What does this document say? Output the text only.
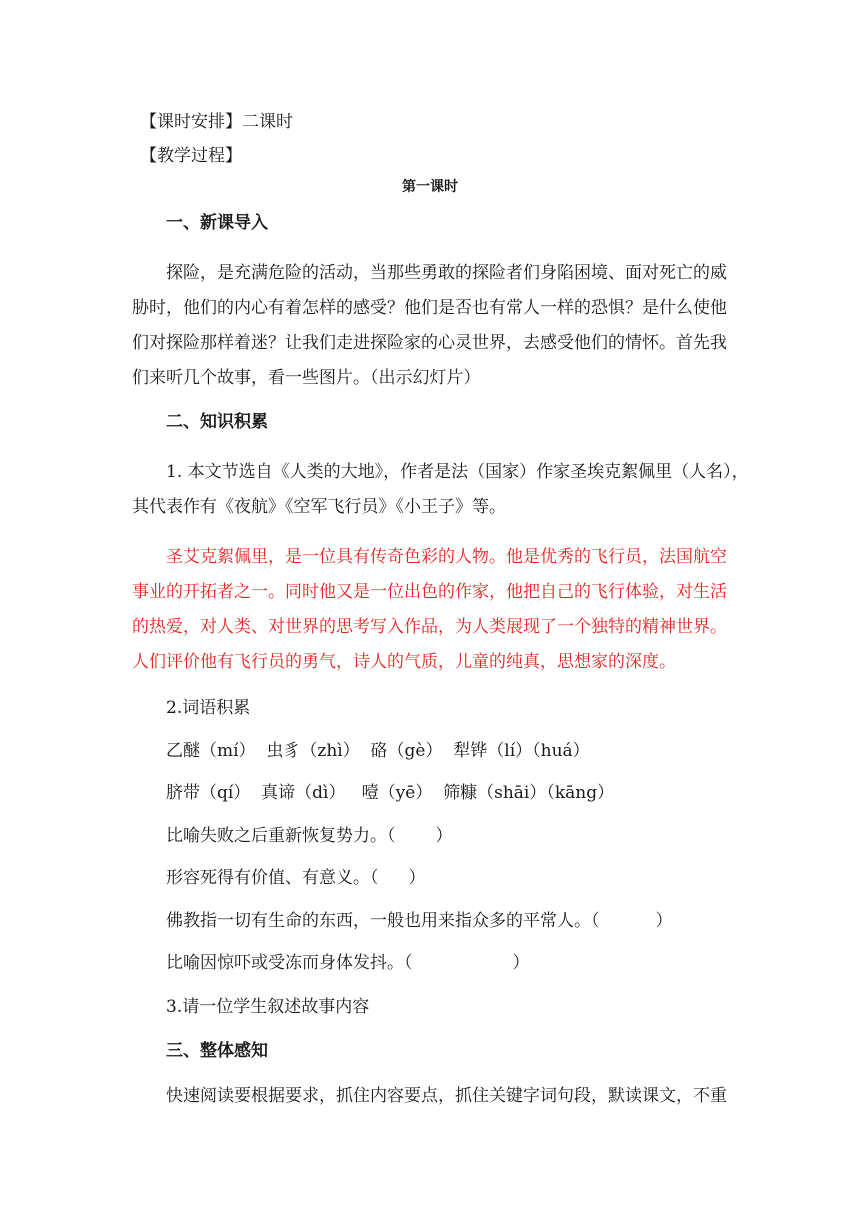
【课时安排】二课时
【教学过程】
第一课时
一、新课导入
探险，是充满危险的活动，当那些勇敢的探险者们身陷困境、面对死亡的威
胁时，他们的内心有着怎样的感受？他们是否也有常人一样的恐惧？是什么使他
们对探险那样着迷？让我们走进探险家的心灵世界，去感受他们的情怀。首先我
们来听几个故事，看一些图片。（出示幻灯片）
二、知识积累
1. 本文节选自《人类的大地》，作者是法（国家）作家圣埃克絮佩里（人名），
其代表作有《夜航》《空军飞行员》《小王子》等。
圣艾克絮佩里，是一位具有传奇色彩的人物。他是优秀的飞行员，法国航空
事业的开拓者之一。同时他又是一位出色的作家，他把自己的飞行体验，对生活
的热爱，对人类、对世界的思考写入作品，为人类展现了一个独特的精神世界。
人们评价他有飞行员的勇气，诗人的气质，儿童的纯真，思想家的深度。
2.词语积累
乙醚（mí）  虫豸（zhì）  硌（gè）  犁铧（lí）（huá）
脐带（qí）  真谛（dì）   噎（yē）  筛糠（shāi）（kāng）
比喻失败之后重新恢复势力。（ ）
形容死得有价值、有意义。（ ）
佛教指一切有生命的东西，一般也用来指众多的平常人。（	）
比喻因惊吓或受冻而身体发抖。（	）
3.请一位学生叙述故事内容
三、整体感知
快速阅读要根据要求，抓住内容要点，抓住关键字词句段，默读课文，不重
